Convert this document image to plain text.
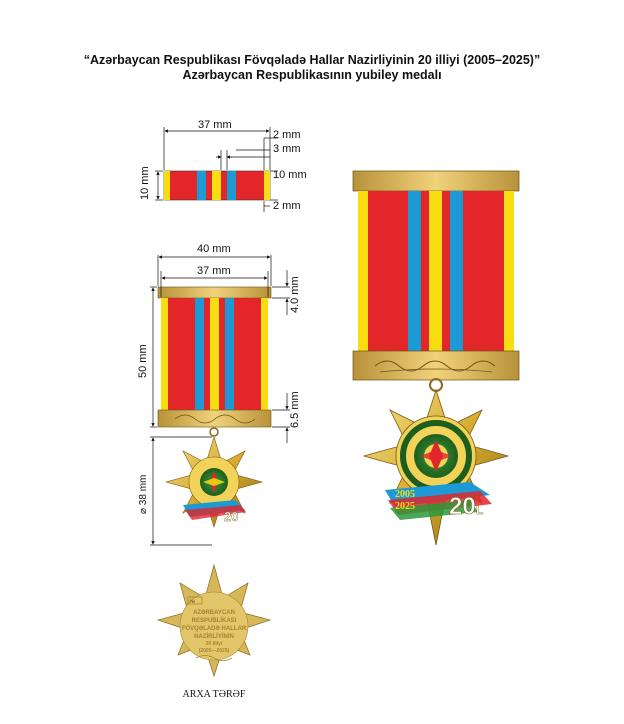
“Azərbaycan Respublikası Fövqəladə Hallar Nazirliyinin 20 illiyi (2005–2025)”
Azərbaycan Respublikasının yubiley medalı
37 mm
2 mm
3 mm
10 mm
2 mm
10 mm
20
40 mm
37 mm
4.0 mm
50 mm
6.5 mm
⌀ 38 mm	2005
2025 20 L
№
AZƏRBAYCAN
RESPUBLİKASI
FÖVQƏLADƏ HALLAR
NAZİRLİYİNİN
20 illiyi
(2005—2025)
ARXA TƏRƏF
